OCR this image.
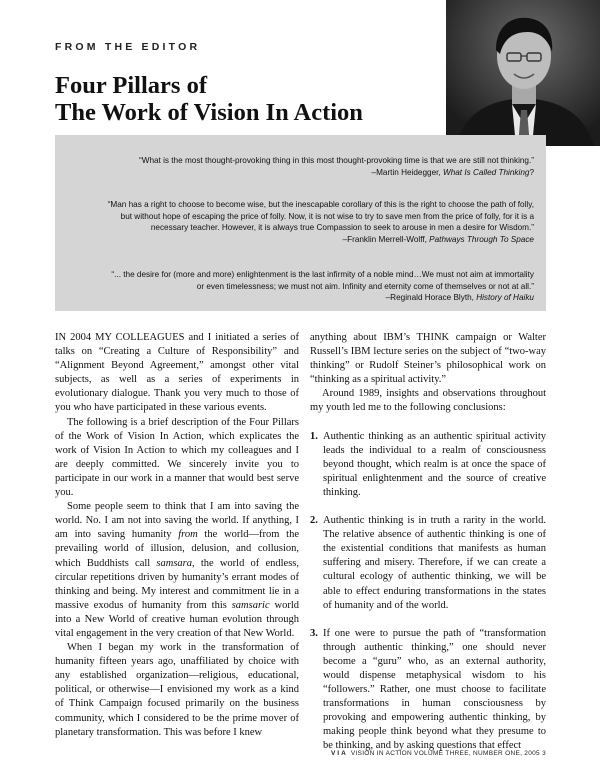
FROM THE EDITOR
Four Pillars of
The Work of Vision In Action

“What is the most thought-provoking thing in this most thought-provoking time is that we are still not thinking.”

–Martin Heidegger, What Is Called Thinking?

“Man has a right to choose to become wise, but the inescapable corollary of this is the right to choose the path of folly,

but without hope of escaping the price of folly. Now, it is not wise to try to save men from the price of folly, for it is a

necessary teacher. However, it is always true Compassion to seek to arouse in men a desire for Wisdom.”

–Franklin Merrell-Wolff, Pathways Through To Space

“... the desire for (more and more) enlightenment is the last infirmity of a noble mind…We must not aim at immortality

or even timelessness; we must not aim. Infinity and eternity come of themselves or not at all.”

–Reginald Horace Blyth, History of Haiku

IN 2004 MY COLLEAGUES and I initiated a series of talks on “Creating a Culture of Responsibility” and “Alignment Beyond Agreement,” amongst other vital subjects, as well as a series of experiments in evolutionary dialogue. Thank you very much to those of you who have participated in these various events.

The following is a brief description of the Four Pillars of the Work of Vision In Action, which explicates the work of Vision In Action to which my colleagues and I are deeply committed. We sincerely invite you to participate in our work in a manner that would best serve you.

Some people seem to think that I am into saving the world. No. I am not into saving the world. If anything, I am into saving humanity from the world—from the prevailing world of illusion, delusion, and collusion, which Buddhists call samsara, the world of endless, circular repetitions driven by humanity’s errant modes of thinking and being. My interest and commitment lie in a massive exodus of humanity from this samsaric world into a New World of creative human evolution through vital engagement in the very creation of that New World.

When I began my work in the transformation of humanity fifteen years ago, unaffiliated by choice with any established organization—religious, educational, political, or otherwise—I envisioned my work as a kind of Think Campaign focused primarily on the business community, which I considered to be the prime mover of planetary transformation. This was before I knew

anything about IBM’s THINK campaign or Walter Russell’s IBM lecture series on the subject of “two-way thinking” or Rudolf Steiner’s philosophical work on “thinking as a spiritual activity.”

Around 1989, insights and observations throughout my youth led me to the following conclusions:

1. Authentic thinking as an authentic spiritual activity leads the individual to a realm of consciousness beyond thought, which realm is at once the space of spiritual enlightenment and the source of creative thinking.

2. Authentic thinking is in truth a rarity in the world. The relative absence of authentic thinking is one of the existential conditions that manifests as human suffering and misery. Therefore, if we can create a cultural ecology of authentic thinking, we will be able to effect enduring transformations in the states of humanity and of the world.

3. If one were to pursue the path of “transformation through authentic thinking,” one should never become a “guru” who, as an external authority, would dispense metaphysical wisdom to his “followers.” Rather, one must choose to facilitate transformations in human consciousness by provoking and empowering authentic thinking, by making people think beyond what they presume to be thinking, and by asking questions that effect

VIA VISION IN ACTION VOLUME THREE, NUMBER ONE, 2005 3
